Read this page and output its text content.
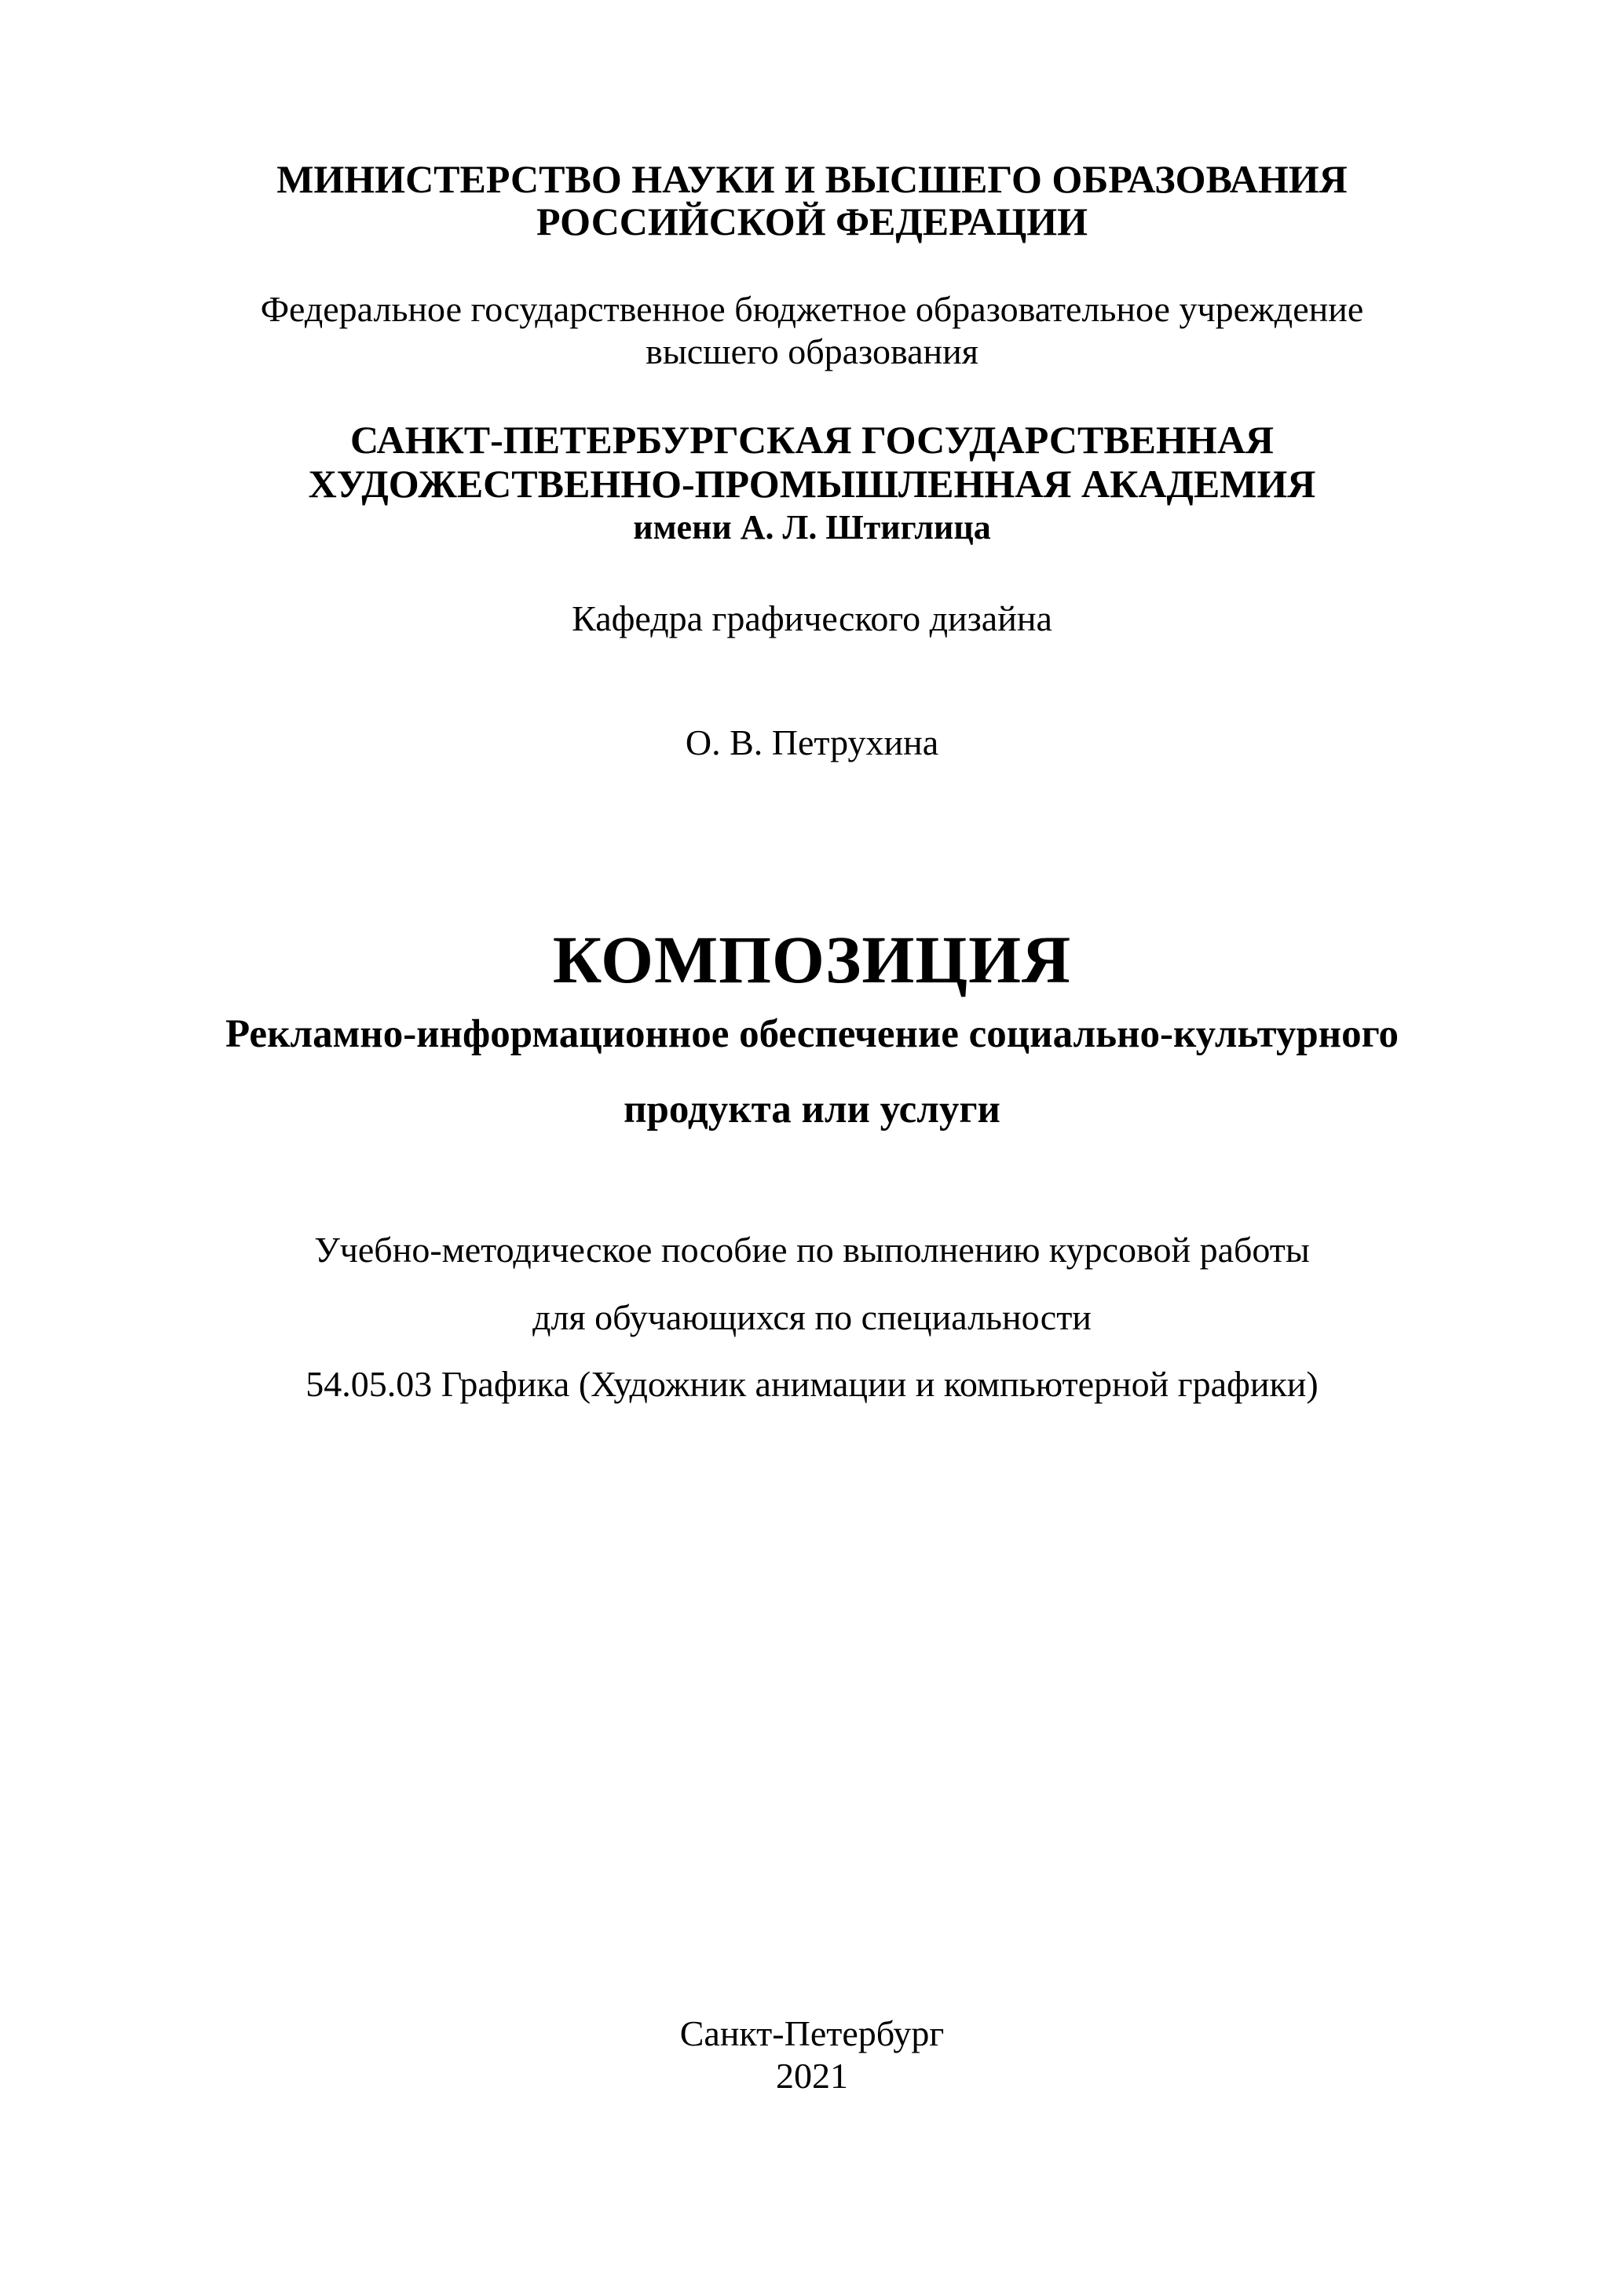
МИНИСТЕРСТВО НАУКИ И ВЫСШЕГО ОБРАЗОВАНИЯ
РОССИЙСКОЙ ФЕДЕРАЦИИ
Федеральное государственное бюджетное образовательное учреждение
высшего образования
САНКТ-ПЕТЕРБУРГСКАЯ ГОСУДАРСТВЕННАЯ
ХУДОЖЕСТВЕННО-ПРОМЫШЛЕННАЯ АКАДЕМИЯ
имени А. Л. Штиглица
Кафедра графического дизайна
О. В. Петрухина
КОМПОЗИЦИЯ
Рекламно-информационное обеспечение социально-культурного
продукта или услуги
Учебно-методическое пособие по выполнению курсовой работы
для обучающихся по специальности
54.05.03 Графика (Художник анимации и компьютерной графики)
Санкт-Петербург
2021
